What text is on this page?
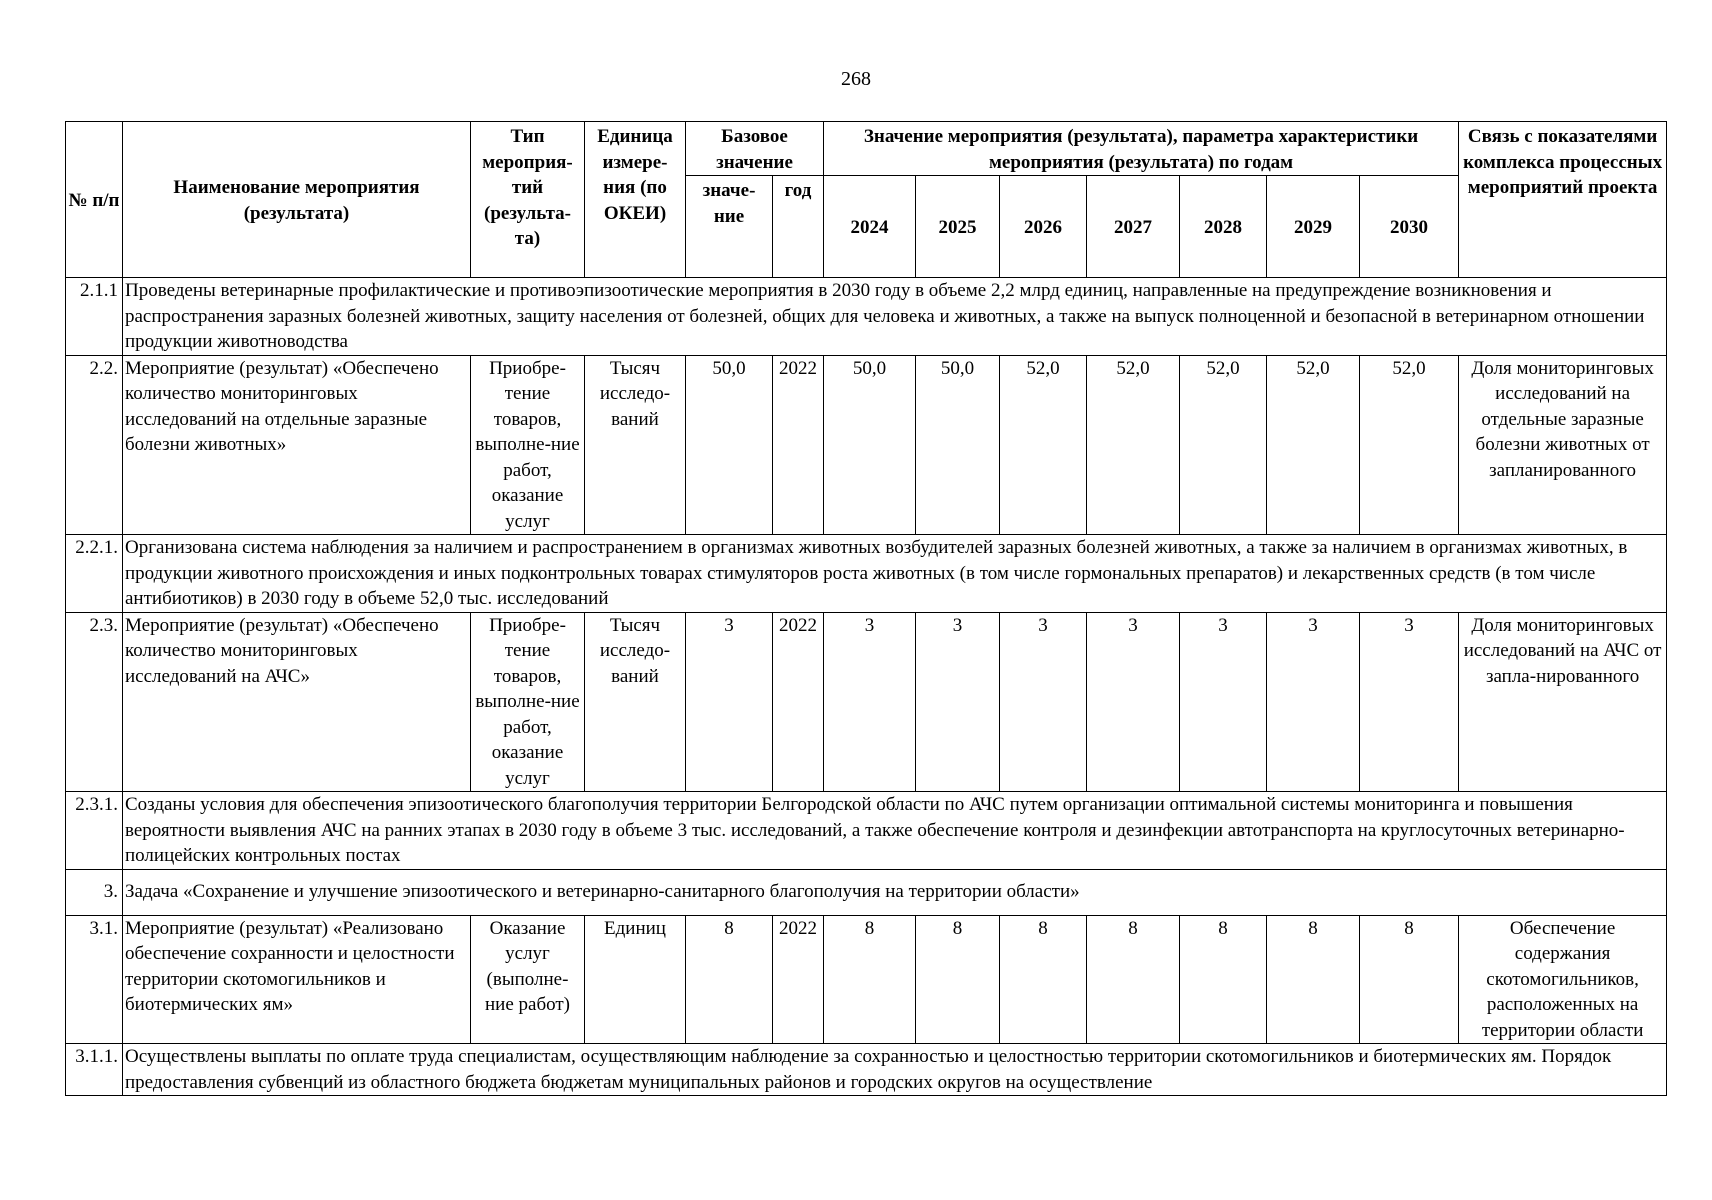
268
№ п/п	Наименование мероприятия (результата)	Тип мероприя-тий (результа-та)	Единица измере-ния (по ОКЕИ)	Базовое значение		Значение мероприятия (результата), параметра характеристики мероприятия (результата) по годам							Связь с показателями комплекса процессных мероприятий проекта
				значе-ние	год	2024	2025	2026	2027	2028	2029	2030	
2.1.1	Проведены ветеринарные профилактические и противоэпизоотические мероприятия в 2030 году в объеме 2,2 млрд единиц, направленные на предупреждение возникновения и распространения заразных болезней животных, защиту населения от болезней, общих для человека и животных, а также на выпуск полноценной и безопасной в ветеринарном отношении продукции животноводства												
2.2.	Мероприятие (результат) «Обеспечено количество мониторинговых исследований на отдельные заразные болезни животных»	Приобре-тение товаров, выполне-ние работ, оказание услуг	Тысяч исследо-ваний	50,0	2022	50,0	50,0	52,0	52,0	52,0	52,0	52,0	Доля мониторинговых исследований на отдельные заразные болезни животных от запланированного
2.2.1.	Организована система наблюдения за наличием и распространением в организмах животных возбудителей заразных болезней животных, а также за наличием в организмах животных, в продукции животного происхождения и иных подконтрольных товарах стимуляторов роста животных (в том числе гормональных препаратов) и лекарственных средств (в том числе антибиотиков) в 2030 году в объеме 52,0 тыс. исследований												
2.3.	Мероприятие (результат) «Обеспечено количество мониторинговых исследований на АЧС»	Приобре-тение товаров, выполне-ние работ, оказание услуг	Тысяч исследо-ваний	3	2022	3	3	3	3	3	3	3	Доля мониторинговых исследований на АЧС от запла-нированного
2.3.1.	Созданы условия для обеспечения эпизоотического благополучия территории Белгородской области по АЧС путем организации оптимальной системы мониторинга и повышения вероятности выявления АЧС на ранних этапах в 2030 году в объеме 3 тыс. исследований, а также обеспечение контроля и дезинфекции автотранспорта на круглосуточных ветеринарно-полицейских контрольных постах												
3.	Задача «Сохранение и улучшение эпизоотического и ветеринарно-санитарного благополучия на территории области»												
3.1.	Мероприятие (результат) «Реализовано обеспечение сохранности и целостности территории скотомогильников и биотермических ям»	Оказание услуг (выполне-ние работ)	Единиц	8	2022	8	8	8	8	8	8	8	Обеспечение содержания скотомогильников, расположенных на территории области
3.1.1.	Осуществлены выплаты по оплате труда специалистам, осуществляющим наблюдение за сохранностью и целостностью территории скотомогильников и биотермических ям. Порядок предоставления субвенций из областного бюджета бюджетам муниципальных районов и городских округов на осуществление												
